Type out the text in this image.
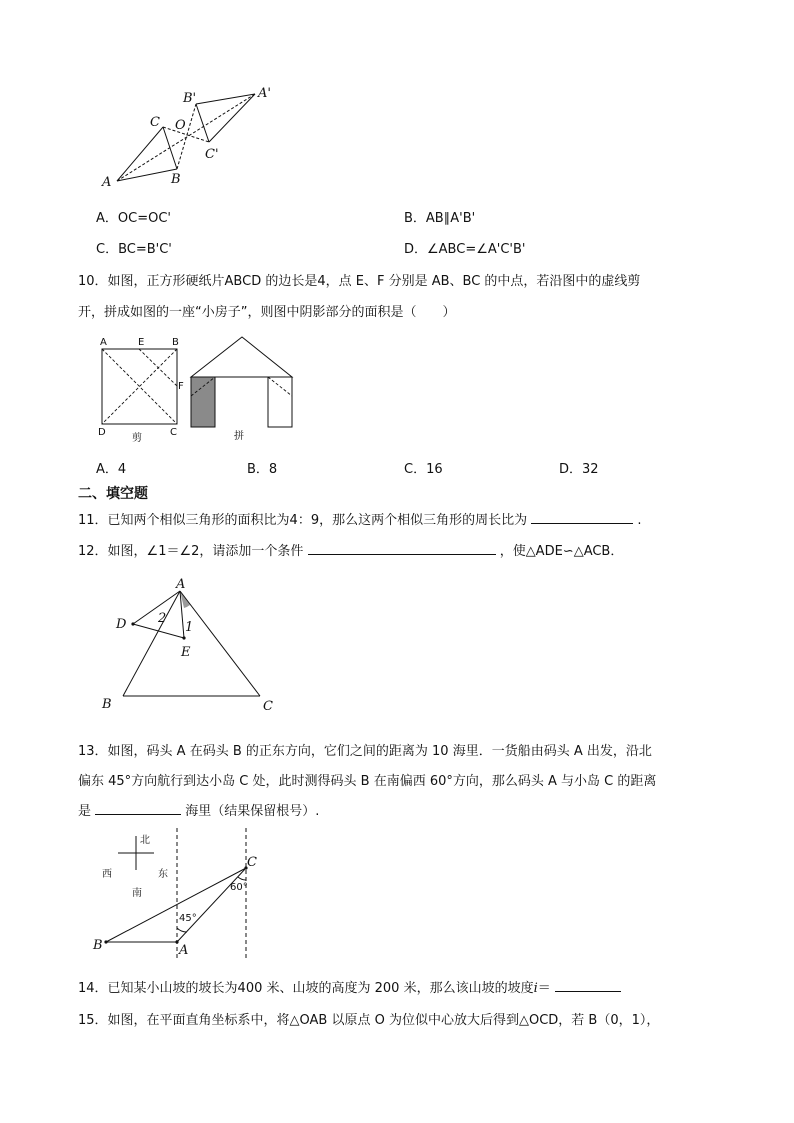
B'	A'
O
C
C'
A	B
A．OC=OC'	B．AB∥A'B'
C．BC=B'C'	D．∠ABC=∠A'C'B'
10．如图，正方形硬纸片ABCD 的边长是4，点 E、F 分别是 AB、BC 的中点，若沿图中的虚线剪
开，拼成如图的一座“小房子”，则图中阴影部分的面积是（　　）
A	E	B
F
D	C
剪	拼
A．4	B．8	C．16	D．32
二、填空题
11．已知两个相似三角形的面积比为4：9，那么这两个相似三角形的周长比为	.
12．如图，∠1＝∠2，请添加一个条件	，使△ADE∽△ACB．
A
D 2
1
E
B	C
13．如图，码头 A 在码头 B 的正东方向，它们之间的距离为 10 海里．一货船由码头 A 出发，沿北
偏东 45°方向航行到达小岛 C 处，此时测得码头 B 在南偏西 60°方向，那么码头 A 与小岛 C 的距离
是	海里（结果保留根号）.
北
西	东
南
C
60°
45°
B	A
14．已知某小山坡的坡长为400 米、山坡的高度为 200 米，那么该山坡的坡度i＝
15．如图，在平面直角坐标系中，将△OAB 以原点 O 为位似中心放大后得到△OCD，若 B（0，1），
